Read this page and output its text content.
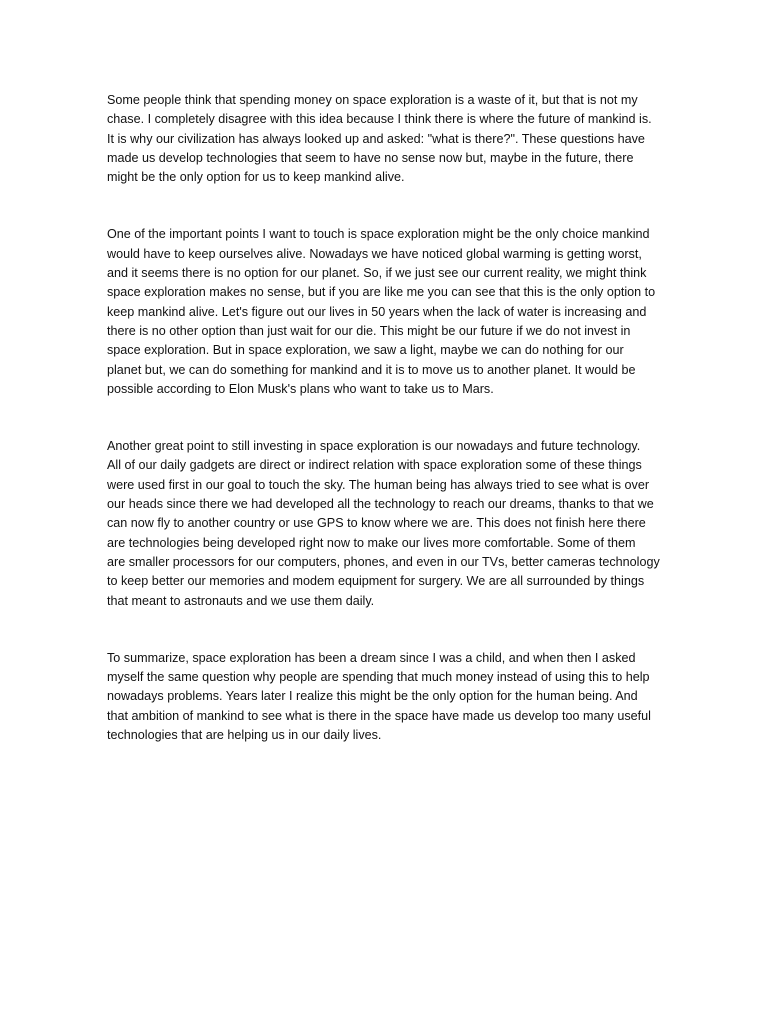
Some people think that spending money on space exploration is a waste of it, but that is not my
chase. I completely disagree with this idea because I think there is where the future of mankind is.
It is why our civilization has always looked up and asked: "what is there?". These questions have
made us develop technologies that seem to have no sense now but, maybe in the future, there
might be the only option for us to keep mankind alive.

One of the important points I want to touch is space exploration might be the only choice mankind
would have to keep ourselves alive. Nowadays we have noticed global warming is getting worst,
and it seems there is no option for our planet. So, if we just see our current reality, we might think
space exploration makes no sense, but if you are like me you can see that this is the only option to
keep mankind alive. Let's figure out our lives in 50 years when the lack of water is increasing and
there is no other option than just wait for our die. This might be our future if we do not invest in
space exploration. But in space exploration, we saw a light, maybe we can do nothing for our
planet but, we can do something for mankind and it is to move us to another planet. It would be
possible according to Elon Musk's plans who want to take us to Mars.

Another great point to still investing in space exploration is our nowadays and future technology.
All of our daily gadgets are direct or indirect relation with space exploration some of these things
were used first in our goal to touch the sky. The human being has always tried to see what is over
our heads since there we had developed all the technology to reach our dreams, thanks to that we
can now fly to another country or use GPS to know where we are. This does not finish here there
are technologies being developed right now to make our lives more comfortable. Some of them
are smaller processors for our computers, phones, and even in our TVs, better cameras technology
to keep better our memories and modem equipment for surgery. We are all surrounded by things
that meant to astronauts and we use them daily.

To summarize, space exploration has been a dream since I was a child, and when then I asked
myself the same question why people are spending that much money instead of using this to help
nowadays problems. Years later I realize this might be the only option for the human being. And
that ambition of mankind to see what is there in the space have made us develop too many useful
technologies that are helping us in our daily lives.
